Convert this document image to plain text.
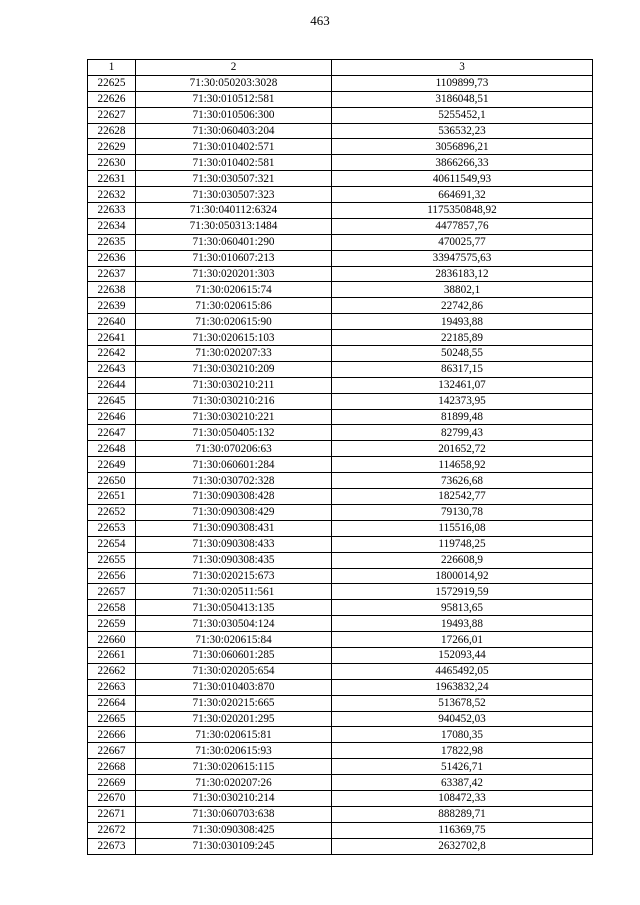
463
1	2	3
22625	71:30:050203:3028	1109899,73
22626	71:30:010512:581	3186048,51
22627	71:30:010506:300	5255452,1
22628	71:30:060403:204	536532,23
22629	71:30:010402:571	3056896,21
22630	71:30:010402:581	3866266,33
22631	71:30:030507:321	40611549,93
22632	71:30:030507:323	664691,32
22633	71:30:040112:6324	1175350848,92
22634	71:30:050313:1484	4477857,76
22635	71:30:060401:290	470025,77
22636	71:30:010607:213	33947575,63
22637	71:30:020201:303	2836183,12
22638	71:30:020615:74	38802,1
22639	71:30:020615:86	22742,86
22640	71:30:020615:90	19493,88
22641	71:30:020615:103	22185,89
22642	71:30:020207:33	50248,55
22643	71:30:030210:209	86317,15
22644	71:30:030210:211	132461,07
22645	71:30:030210:216	142373,95
22646	71:30:030210:221	81899,48
22647	71:30:050405:132	82799,43
22648	71:30:070206:63	201652,72
22649	71:30:060601:284	114658,92
22650	71:30:030702:328	73626,68
22651	71:30:090308:428	182542,77
22652	71:30:090308:429	79130,78
22653	71:30:090308:431	115516,08
22654	71:30:090308:433	119748,25
22655	71:30:090308:435	226608,9
22656	71:30:020215:673	1800014,92
22657	71:30:020511:561	1572919,59
22658	71:30:050413:135	95813,65
22659	71:30:030504:124	19493,88
22660	71:30:020615:84	17266,01
22661	71:30:060601:285	152093,44
22662	71:30:020205:654	4465492,05
22663	71:30:010403:870	1963832,24
22664	71:30:020215:665	513678,52
22665	71:30:020201:295	940452,03
22666	71:30:020615:81	17080,35
22667	71:30:020615:93	17822,98
22668	71:30:020615:115	51426,71
22669	71:30:020207:26	63387,42
22670	71:30:030210:214	108472,33
22671	71:30:060703:638	888289,71
22672	71:30:090308:425	116369,75
22673	71:30:030109:245	2632702,8
